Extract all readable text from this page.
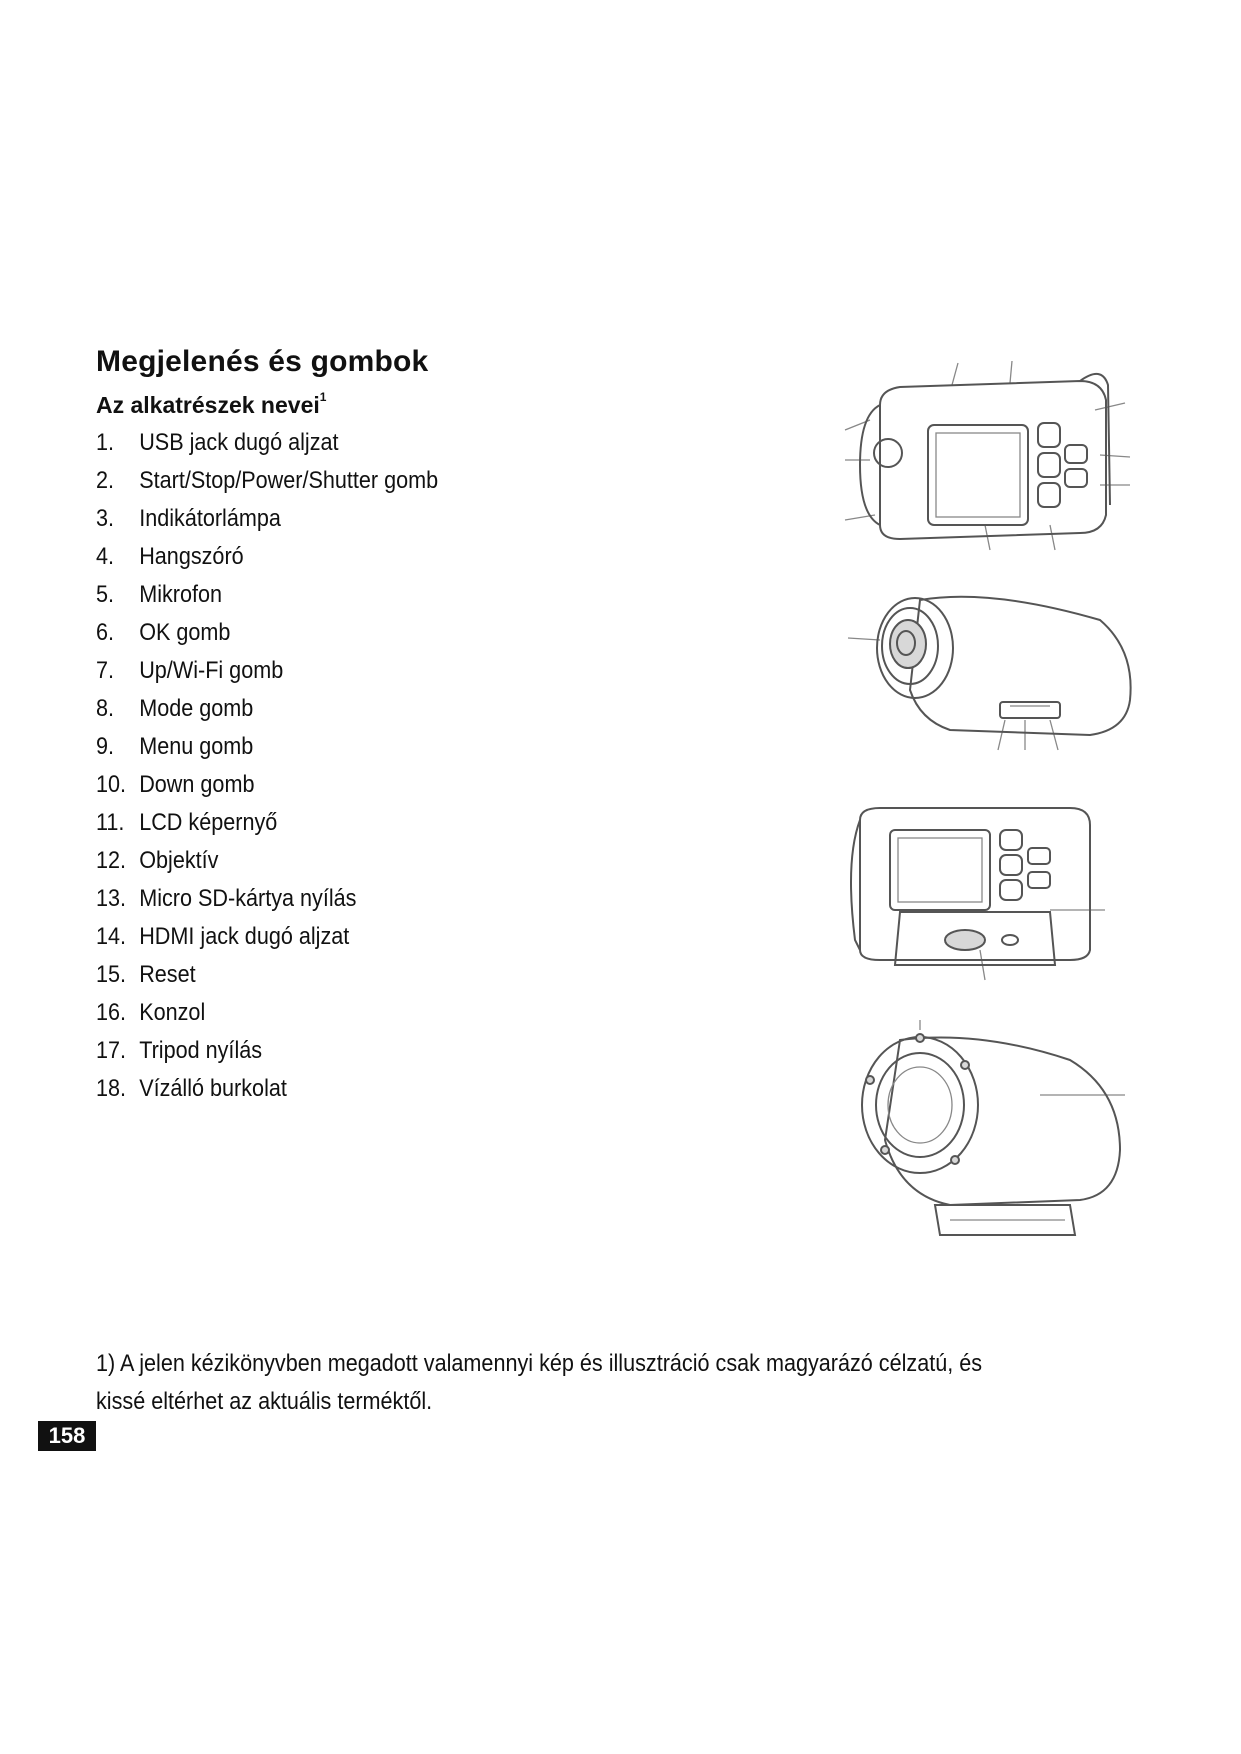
Megjelenés és gombok
Az alkatrészek nevei$^1$
1.	USB jack dugó aljzat
2.	Start/Stop/Power/Shutter gomb
3.	Indikátorlámpa
4.	Hangszóró
5.	Mikrofon
6.	OK gomb
7.	Up/Wi-Fi gomb
8.	Mode gomb
9.	Menu gomb
10. Down gomb
11. LCD képernyő
12. Objektív
13. Micro SD-kártya nyílás
14. HDMI jack dugó aljzat
15. Reset
16. Konzol
17. Tripod nyílás
18. Vízálló burkolat
1) A jelen kézikönyvben megadott valamennyi kép és illusztráció csak magyarázó célzatú, és kissé eltérhet az aktuális terméktől.
158
